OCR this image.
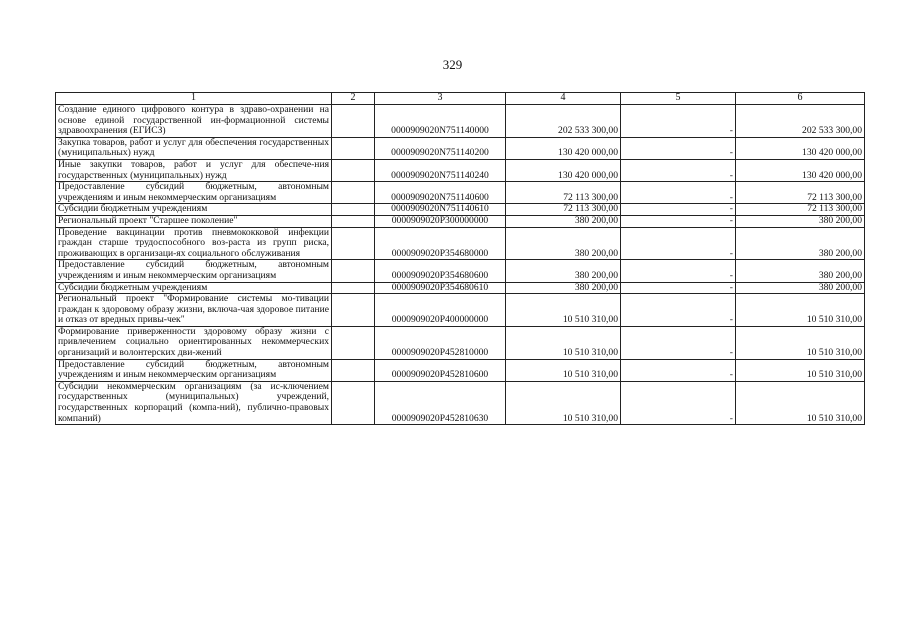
329
1	2	3	4	5	6
Создание единого цифрового контура в здраво-охранении на основе единой государственной ин-формационной системы здравоохранения (ЕГИСЗ)		0000909020N751140000	202 533 300,00	-	202 533 300,00
Закупка товаров, работ и услуг для обеспечения государственных (муниципальных) нужд		0000909020N751140200	130 420 000,00	-	130 420 000,00
Иные закупки товаров, работ и услуг для обеспече-ния государственных (муниципальных) нужд		0000909020N751140240	130 420 000,00	-	130 420 000,00
Предоставление субсидий бюджетным, автономным учреждениям и иным некоммерческим организациям		0000909020N751140600	72 113 300,00	-	72 113 300,00
Субсидии бюджетным учреждениям		0000909020N751140610	72 113 300,00	-	72 113 300,00
Региональный проект "Старшее поколение"		0000909020P300000000	380 200,00	-	380 200,00
Проведение вакцинации против пневмококковой инфекции граждан старше трудоспособного воз-раста из групп риска, проживающих в организаци-ях социального обслуживания		0000909020P354680000	380 200,00	-	380 200,00
Предоставление субсидий бюджетным, автономным учреждениям и иным некоммерческим организациям		0000909020P354680600	380 200,00	-	380 200,00
Субсидии бюджетным учреждениям		0000909020P354680610	380 200,00	-	380 200,00
Региональный проект "Формирование системы мо-тивации граждан к здоровому образу жизни, включа-чая здоровое питание и отказ от вредных привы-чек"		0000909020P400000000	10 510 310,00	-	10 510 310,00
Формирование приверженности здоровому образу жизни с привлечением социально ориентированных некоммерческих организаций и волонтерских дви-жений		0000909020P452810000	10 510 310,00	-	10 510 310,00
Предоставление субсидий бюджетным, автономным учреждениям и иным некоммерческим организациям		0000909020P452810600	10 510 310,00	-	10 510 310,00
Субсидии некоммерческим организациям (за ис-ключением государственных (муниципальных) учреждений, государственных корпораций (компа-ний), публично-правовых компаний)		0000909020P452810630	10 510 310,00	-	10 510 310,00
